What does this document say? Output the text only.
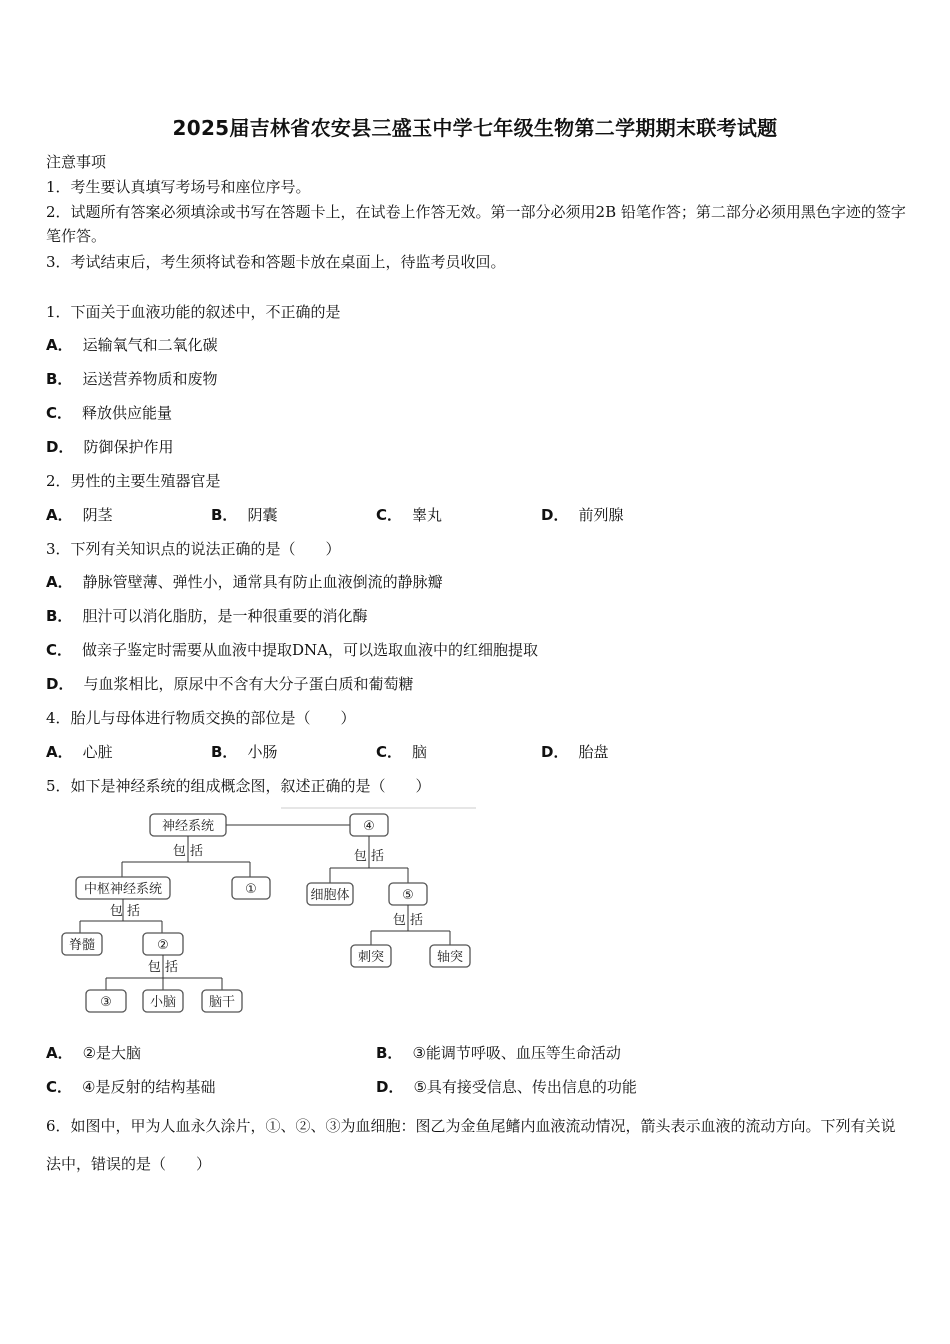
2025届吉林省农安县三盛玉中学七年级生物第二学期期末联考试题
注意事项
1．考生要认真填写考场号和座位序号。
2．试题所有答案必须填涂或书写在答题卡上，在试卷上作答无效。第一部分必须用2B 铅笔作答；第二部分必须用黑色字迹的签字笔作答。
3．考试结束后，考生须将试卷和答题卡放在桌面上，待监考员收回。
1．下面关于血液功能的叙述中，不正确的是
A． 运输氧气和二氧化碳
B． 运送营养物质和废物
C． 释放供应能量
D． 防御保护作用
2．男性的主要生殖器官是
A． 阴茎	B． 阴囊	C． 睾丸	D． 前列腺
3．下列有关知识点的说法正确的是（　　）
A． 静脉管壁薄、弹性小，通常具有防止血液倒流的静脉瓣
B． 胆汁可以消化脂肪，是一种很重要的消化酶
C． 做亲子鉴定时需要从血液中提取DNA，可以选取血液中的红细胞提取
D． 与血浆相比，原尿中不含有大分子蛋白质和葡萄糖
4．胎儿与母体进行物质交换的部位是（　　）
A． 心脏	B． 小肠	C． 脑	D． 胎盘
5．如下是神经系统的组成概念图，叙述正确的是（　　）
神经系统	④
包 括
中枢神经系统	①
包 括
脊髓	②
包 括
③	小脑	脑干
包 括
细胞体	⑤
包 括
刺突	轴突
A． ②是大脑	B． ③能调节呼吸、血压等生命活动
C． ④是反射的结构基础	D． ⑤具有接受信息、传出信息的功能
6．如图中，甲为人血永久涂片，①、②、③为血细胞：图乙为金鱼尾鳍内血液流动情况，箭头表示血液的流动方向。下列有关说法中，错误的是（　　）
